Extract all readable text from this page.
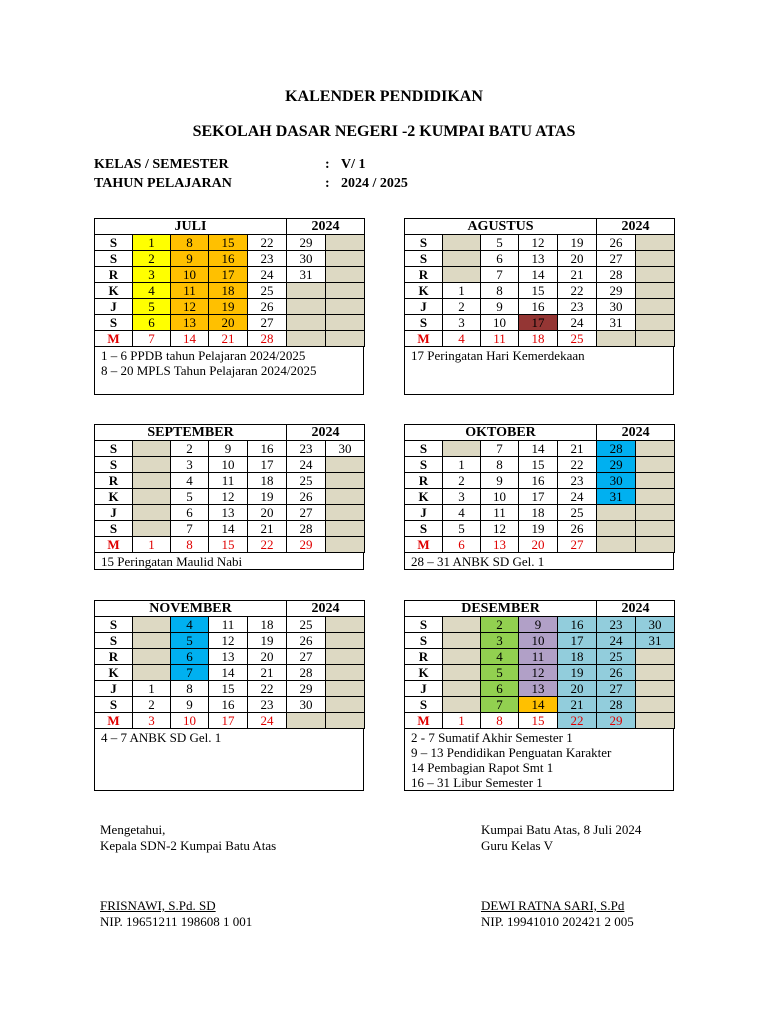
KALENDER PENDIDIKAN
SEKOLAH DASAR NEGERI -2 KUMPAI BATU ATAS
KELAS / SEMESTER	: V/ 1
TAHUN PELAJARAN	: 2024 / 2025
JULI					2024	
S	1	8	15	22	29	
S	2	9	16	23	30	
R	3	10	17	24	31	
K	4	11	18	25		
J	5	12	19	26		
S	6	13	20	27		
M	7	14	21	28		
1 – 6 PPDB tahun Pelajaran 2024/2025
8 – 20 MPLS Tahun Pelajaran 2024/2025
AGUSTUS					2024	
S		5	12	19	26	
S		6	13	20	27	
R		7	14	21	28	
K	1	8	15	22	29	
J	2	9	16	23	30	
S	3	10	17	24	31	
M	4	11	18	25		
17 Peringatan Hari Kemerdekaan
SEPTEMBER					2024	
S		2	9	16	23	30
S		3	10	17	24	
R		4	11	18	25	
K		5	12	19	26	
J		6	13	20	27	
S		7	14	21	28	
M	1	8	15	22	29	
15 Peringatan Maulid Nabi
OKTOBER					2024	
S		7	14	21	28	
S	1	8	15	22	29	
R	2	9	16	23	30	
K	3	10	17	24	31	
J	4	11	18	25		
S	5	12	19	26		
M	6	13	20	27		
28 – 31 ANBK SD Gel. 1
NOVEMBER					2024	
S		4	11	18	25	
S		5	12	19	26	
R		6	13	20	27	
K		7	14	21	28	
J	1	8	15	22	29	
S	2	9	16	23	30	
M	3	10	17	24		
4 – 7 ANBK SD Gel. 1
DESEMBER					2024	
S		2	9	16	23	30
S		3	10	17	24	31
R		4	11	18	25	
K		5	12	19	26	
J		6	13	20	27	
S		7	14	21	28	
M	1	8	15	22	29	
2 - 7 Sumatif Akhir Semester 1
9 – 13 Pendidikan Penguatan Karakter
14 Pembagian Rapot Smt 1
16 – 31 Libur Semester 1
Mengetahui,
Kepala SDN-2 Kumpai Batu Atas
FRISNAWI, S.Pd. SD
NIP. 19651211 198608 1 001
Kumpai Batu Atas, 8 Juli 2024
Guru Kelas V
DEWI RATNA SARI, S.Pd
NIP. 19941010 202421 2 005
